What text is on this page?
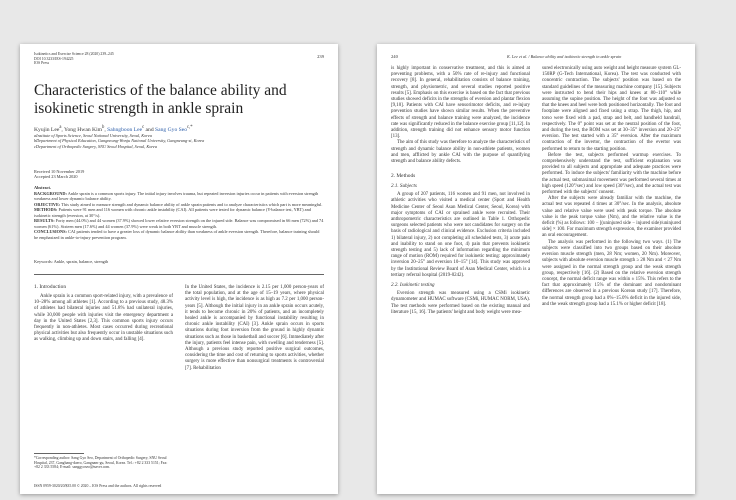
Isokinetics and Exercise Science 28 (2020) 239–245
DOI 10.3233/IES-194225
IOS Press
239
Characteristics of the balance ability and isokinetic strength in ankle sprain
Kyujin Lee$^a$, Yong Hwan Kim$^b$, Sahngboon Lee$^c$ and Sang Gyo Seo$^{c,*}$
aInstitute of Sports Science, Seoul National University, Seoul, Korea
bDepartment of Physical Education, Gangneung-Wonju National University, Gangneung-si, Korea
cDepartment of Orthopedic Surgery, SNU Seoul Hospital, Seoul, Korea
Received 10 November 2019
Accepted 23 March 2020

Abstract.

BACKGROUND: Ankle sprain is a common sports injury. The initial injury involves trauma, but repeated inversion injuries occur in patients with eversion strength weakness and lower dynamic balance ability.

OBJECTIVE: This study aimed to measure strength and dynamic balance ability of ankle sprain patients and to analyze characteristics which part is more meaningful.

METHODS: Patients were 91 men and 116 women with chronic ankle instability (CAI). All patients were tested for dynamic balance (Y-balance test, YBT) and isokinetic strength (eversion, at 30°/s).

RESULTS: Forty men (44.0%) and 44 women (37.9%) showed lower relative eversion strength on the injured side. Balance was compromised in 66 men (72%) and 74 women (61%). Sixteen men (17.6%) and 44 women (37.9%) were weak in both YBT and muscle strength.

CONCLUSIONS: CAI patients tended to have a greater loss of dynamic balance ability than weakness of ankle eversion strength. Therefore, balance training should be emphasized in ankle-to-injury prevention program.

Keywords: Ankle, sprain, balance, strength
1. Introduction

Ankle sprain is a common sport-related injury, with a prevalence of 10–28% among all athletes [1]. According to a previous study, 48.3% of athletes had bilateral injuries and 51.8% had unilateral injuries, while 30,000 people with injuries visit the emergency department a day in the United States [2,3]. This common sports injury occurs frequently in non-athletes. Most cases occurred during recreational physical activities but also frequently occur in unstable situations such as walking, climbing up and down stairs, and falling [4].

*Corresponding author: Sang Gyo Seo, Department of Orthopedic Surgery, SNU Seoul Hospital, 237, Gangbang-daero, Gangnam-gu, Seoul, Korea. Tel.: +82 2 333 5151; Fax: +82 2 333 5584; E-mail: sanggyoseo@naver.com.

In the United States, the incidence is 2.15 per 1,000 person-years of the total population, and at the age of 15–19 years, where physical activity level is high, the incidence is as high as 7.2 per 1,000 person-years [5]. Although the initial injury in an ankle sprain occurs acutely, it tends to become chronic in 20% of patients, and an incompletely healed ankle is accompanied by functional instability resulting in chronic ankle instability (CAI) [3]. Ankle sprain occurs in sports situations during foot inversion from the ground in highly dynamic situations such as those in basketball and soccer [6]. Immediately after the injury, patients feel intense pain, with swelling and tenderness [5]. Although a previous study reported positive surgical outcomes, considering the time and cost of returning to sports activities, whether surgery is more effective than nonsurgical treatments is controversial [7]. Rehabilitation

ISSN 0959-3020/20/$35.00 © 2020 – IOS Press and the authors. All rights reserved
240	K. Lee et al. / Balance ability and isokinetic strength in ankle sprain

is highly important in conservative treatment, and this is aimed at preventing problems, with a 50% rate of re-injury and functional recovery [8]. In general, rehabilitation consists of balance training, strength, and physiometric, and several studies reported positive results [5]. Emphasis on this exercise is based on the fact that previous studies showed deficits in the strengths of eversion and plantar flexion [9,10]. Patients with CAI have sensorimotor deficits, and re-injury prevention studies have shown similar results. When the preventive effects of strength and balance training were analyzed, the incidence rate was significantly reduced in the balance exercise group [11,12]. In addition, strength training did not enhance sensory motor function [13].

The aim of this study was therefore to analyze the characteristics of strength and dynamic balance ability in non-athlete patients, women and men, afflicted by ankle CAI with the purpose of quantifying strength and balance ability defects.

2. Methods
2.1. Subjects

A group of 207 patients, 116 women and 91 men, not involved in athletic activities who visited a medical center (Sport and Health Medicine Center of Seoul Asan Medical Center, Seoul, Korea) with major symptoms of CAI or sprained ankle were recruited. Their anthropometric characteristics are outlined in Table 1. Orthopedic surgeons selected patients who were not candidates for surgery on the basis of radiological and clinical evidence. Exclusion criteria included 1) bilateral injury, 2) not completing all scheduled tests, 3) acute pain and inability to stand on one foot, 4) pain that prevents isokinetic strength testing and 5) lack of information regarding the minimum range of motion (ROM) required for isokinetic testing: approximately inversion 20–25° and eversion 10–15° [14]. This study was approved by the Institutional Review Board of Asan Medical Center, which is a tertiary referral hospital (2019-0242).

2.2. Isokinetic testing

Eversion strength was measured using a CSMi isokinetic dynamometer and HUMAC software (CSMi, HUMAC NORM, USA). The test methods were performed based on the existing manual and literature [15, 16]. The patients' height and body weight were mea-

sured electronically using auto weight and height measure system GL-150RP (G-Tech International, Korea). The test was conducted with concentric contraction. The subjects' position was based on the standard guidelines of the measuring machine company [15]. Subjects were instructed to bend their hips and knees at 80–110° while assuming the supine position. The height of the foot was adjusted so that the knees and heel were both positioned horizontally. The foot and footplate were aligned and fixed using a strap. The thigh, hip, and torso were fixed with a pad, strap and belt, and handheld handrail, respectively. The 0° point was set at the neutral position of the foot, and during the test, the ROM was set at 30–35° inversion and 20–25° eversion. The test started with a 35° eversion. After the maximum contraction of the invertor, the contraction of the evertor was performed to return to the starting position.

Before the test, subjects performed warmup exercises. To comprehensively understand the test, sufficient explanation was provided to all subjects and appropriate and adequate practices were performed. To induce the subjects' familiarity with the machine before the actual test, submaximal movement was performed several times at high speed (120°/sec) and low speed (30°/sec), and the actual test was performed with the subjects' consent.

After the subjects were already familiar with the machine, the actual test was repeated 4 times at 30°/sec. In the analysis, absolute value and relative value were used with peak torque. The absolute value is the peak torque value (Nm), and the relative value is the deficit (%) as follows: 100 − [(uninjured side − injured side)/uninjured side] × 100. For maximum strength expression, the examiner provided an oral encouragement.

The analysis was performed in the following two ways. (1) The subjects were classified into two groups based on their absolute eversion muscle strength (men, 28 Nm; women, 20 Nm). Moreover, subjects with absolute eversion muscle strength ≥ 28 Nm and < 27 Nm were assigned in the normal strength group and the weak strength group, respectively [16]. (2) Based on the relative eversion strength concept, the normal deficit range was within ± 15%. This refers to the fact that approximately 15% of the dominant and nondominant differences are observed in a previous Korean study [17]. Therefore, the normal strength group had a 0%–15.0% deficit in the injured side, and the weak strength group had a 15.1% or higher deficit [18].
